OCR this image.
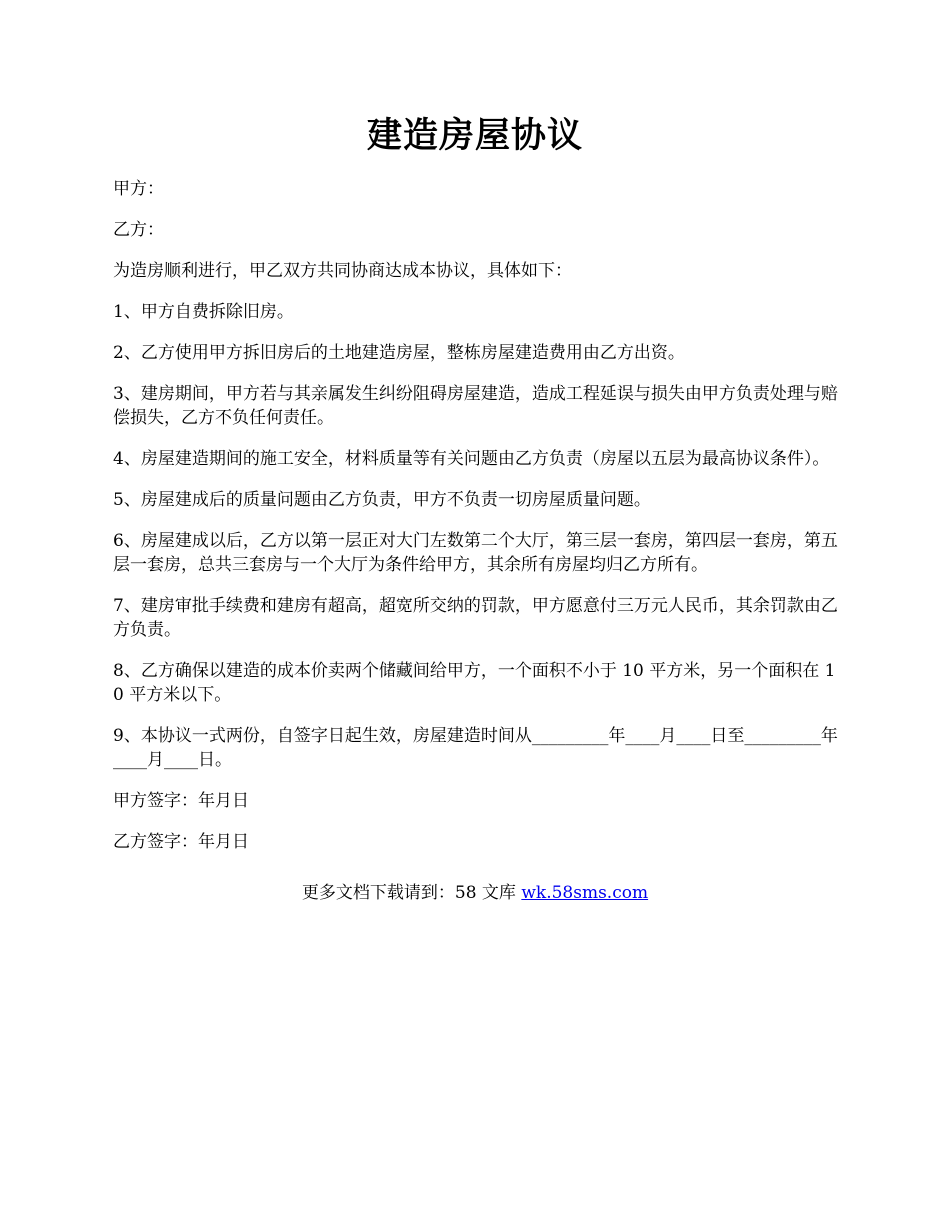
建造房屋协议

甲方：

乙方：

为造房顺利进行，甲乙双方共同协商达成本协议，具体如下：

1、甲方自费拆除旧房。

2、乙方使用甲方拆旧房后的土地建造房屋，整栋房屋建造费用由乙方出资。

3、建房期间，甲方若与其亲属发生纠纷阻碍房屋建造，造成工程延误与损失由甲方负责处理与赔偿损失，乙方不负任何责任。

4、房屋建造期间的施工安全，材料质量等有关问题由乙方负责（房屋以五层为最高协议条件）。

5、房屋建成后的质量问题由乙方负责，甲方不负责一切房屋质量问题。

6、房屋建成以后，乙方以第一层正对大门左数第二个大厅，第三层一套房，第四层一套房，第五层一套房，总共三套房与一个大厅为条件给甲方，其余所有房屋均归乙方所有。

7、建房审批手续费和建房有超高，超宽所交纳的罚款，甲方愿意付三万元人民币，其余罚款由乙方负责。

8、乙方确保以建造的成本价卖两个储藏间给甲方，一个面积不小于 10 平方米，另一个面积在 10 平方米以下。

9、本协议一式两份，自签字日起生效，房屋建造时间从_________年____月____日至_________年____月____日。

甲方签字：年月日

乙方签字：年月日

更多文档下载请到：58 文库 wk.58sms.com
